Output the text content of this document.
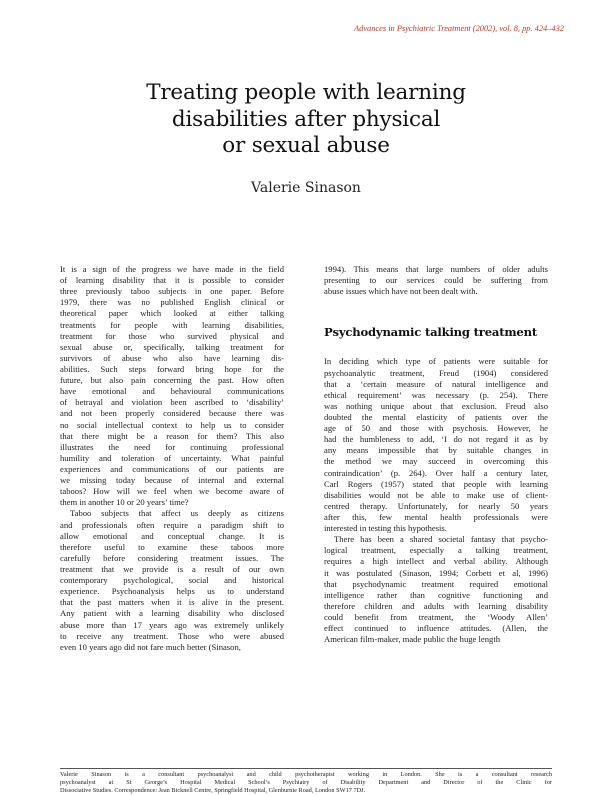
Advances in Psychiatric Treatment (2002), vol. 8, pp. 424–432
Treating people with learning
disabilities after physical
or sexual abuse
Valerie Sinason
It is a sign of the progress we have made in the field
of learning disability that it is possible to consider
three previously taboo subjects in one paper. Before
1979, there was no published English clinical or
theoretical paper which looked at either talking
treatments for people with learning disabilities,
treatment for those who survived physical and
sexual abuse or, specifically, talking treatment for
survivors of abuse who also have learning dis-
abilities. Such steps forward bring hope for the
future, but also pain concerning the past. How often
have emotional and behavioural communications
of betrayal and violation been ascribed to ‘disability’
and not been properly considered because there was
no social intellectual context to help us to consider
that there might be a reason for them? This also
illustrates the need for continuing professional
humility and toleration of uncertainty. What painful
experiences and communications of our patients are
we missing today because of internal and external
taboos? How will we feel when we become aware of
them in another 10 or 20 years’ time?
Taboo subjects that affect us deeply as citizens
and professionals often require a paradigm shift to
allow emotional and conceptual change. It is
therefore useful to examine these taboos more
carefully before considering treatment issues. The
treatment that we provide is a result of our own
contemporary psychological, social and historical
experience. Psychoanalysis helps us to understand
that the past matters when it is alive in the present.
Any patient with a learning disability who disclosed
abuse more than 17 years ago was extremely unlikely
to receive any treatment. Those who were abused
even 10 years ago did not fare much better (Sinason,
1994). This means that large numbers of older adults
presenting to our services could be suffering from
abuse issues which have not been dealt with.
Psychodynamic talking treatment
In deciding which type of patients were suitable for
psychoanalytic treatment, Freud (1904) considered
that a ‘certain measure of natural intelligence and
ethical requirement’ was necessary (p. 254). There
was nothing unique about that exclusion. Freud also
doubted the mental elasticity of patients over the
age of 50 and those with psychosis. However, he
had the humbleness to add, ‘I do not regard it as by
any means impossible that by suitable changes in
the method we may succeed in overcoming this
contraindication’ (p. 264). Over half a century later,
Carl Rogers (1957) stated that people with learning
disabilities would not be able to make use of client-
centred therapy. Unfortunately, for nearly 50 years
after this, few mental health professionals were
interested in testing this hypothesis.
There has been a shared societal fantasy that psycho-
logical treatment, especially a talking treatment,
requires a high intellect and verbal ability. Although
it was postulated (Sinason, 1994; Corbett et al, 1996)
that psychodynamic treatment required emotional
intelligence rather than cognitive functioning and
therefore children and adults with learning disability
could benefit from treatment, the ‘Woody Allen’
effect continued to influence attitudes. (Allen, the
American film-maker, made public the huge length
Valerie Sinason is a consultant psychoanalyst and child psychotherapist working in London. She is a consultant research
psychoanalyst at St George’s Hospital Medical School’s Psychiatry of Disability Department and Director of the Clinic for
Dissociative Studies. Correspondence: Jean Bicknell Centre, Springfield Hospital, Glenburnie Road, London SW17 7DJ.
